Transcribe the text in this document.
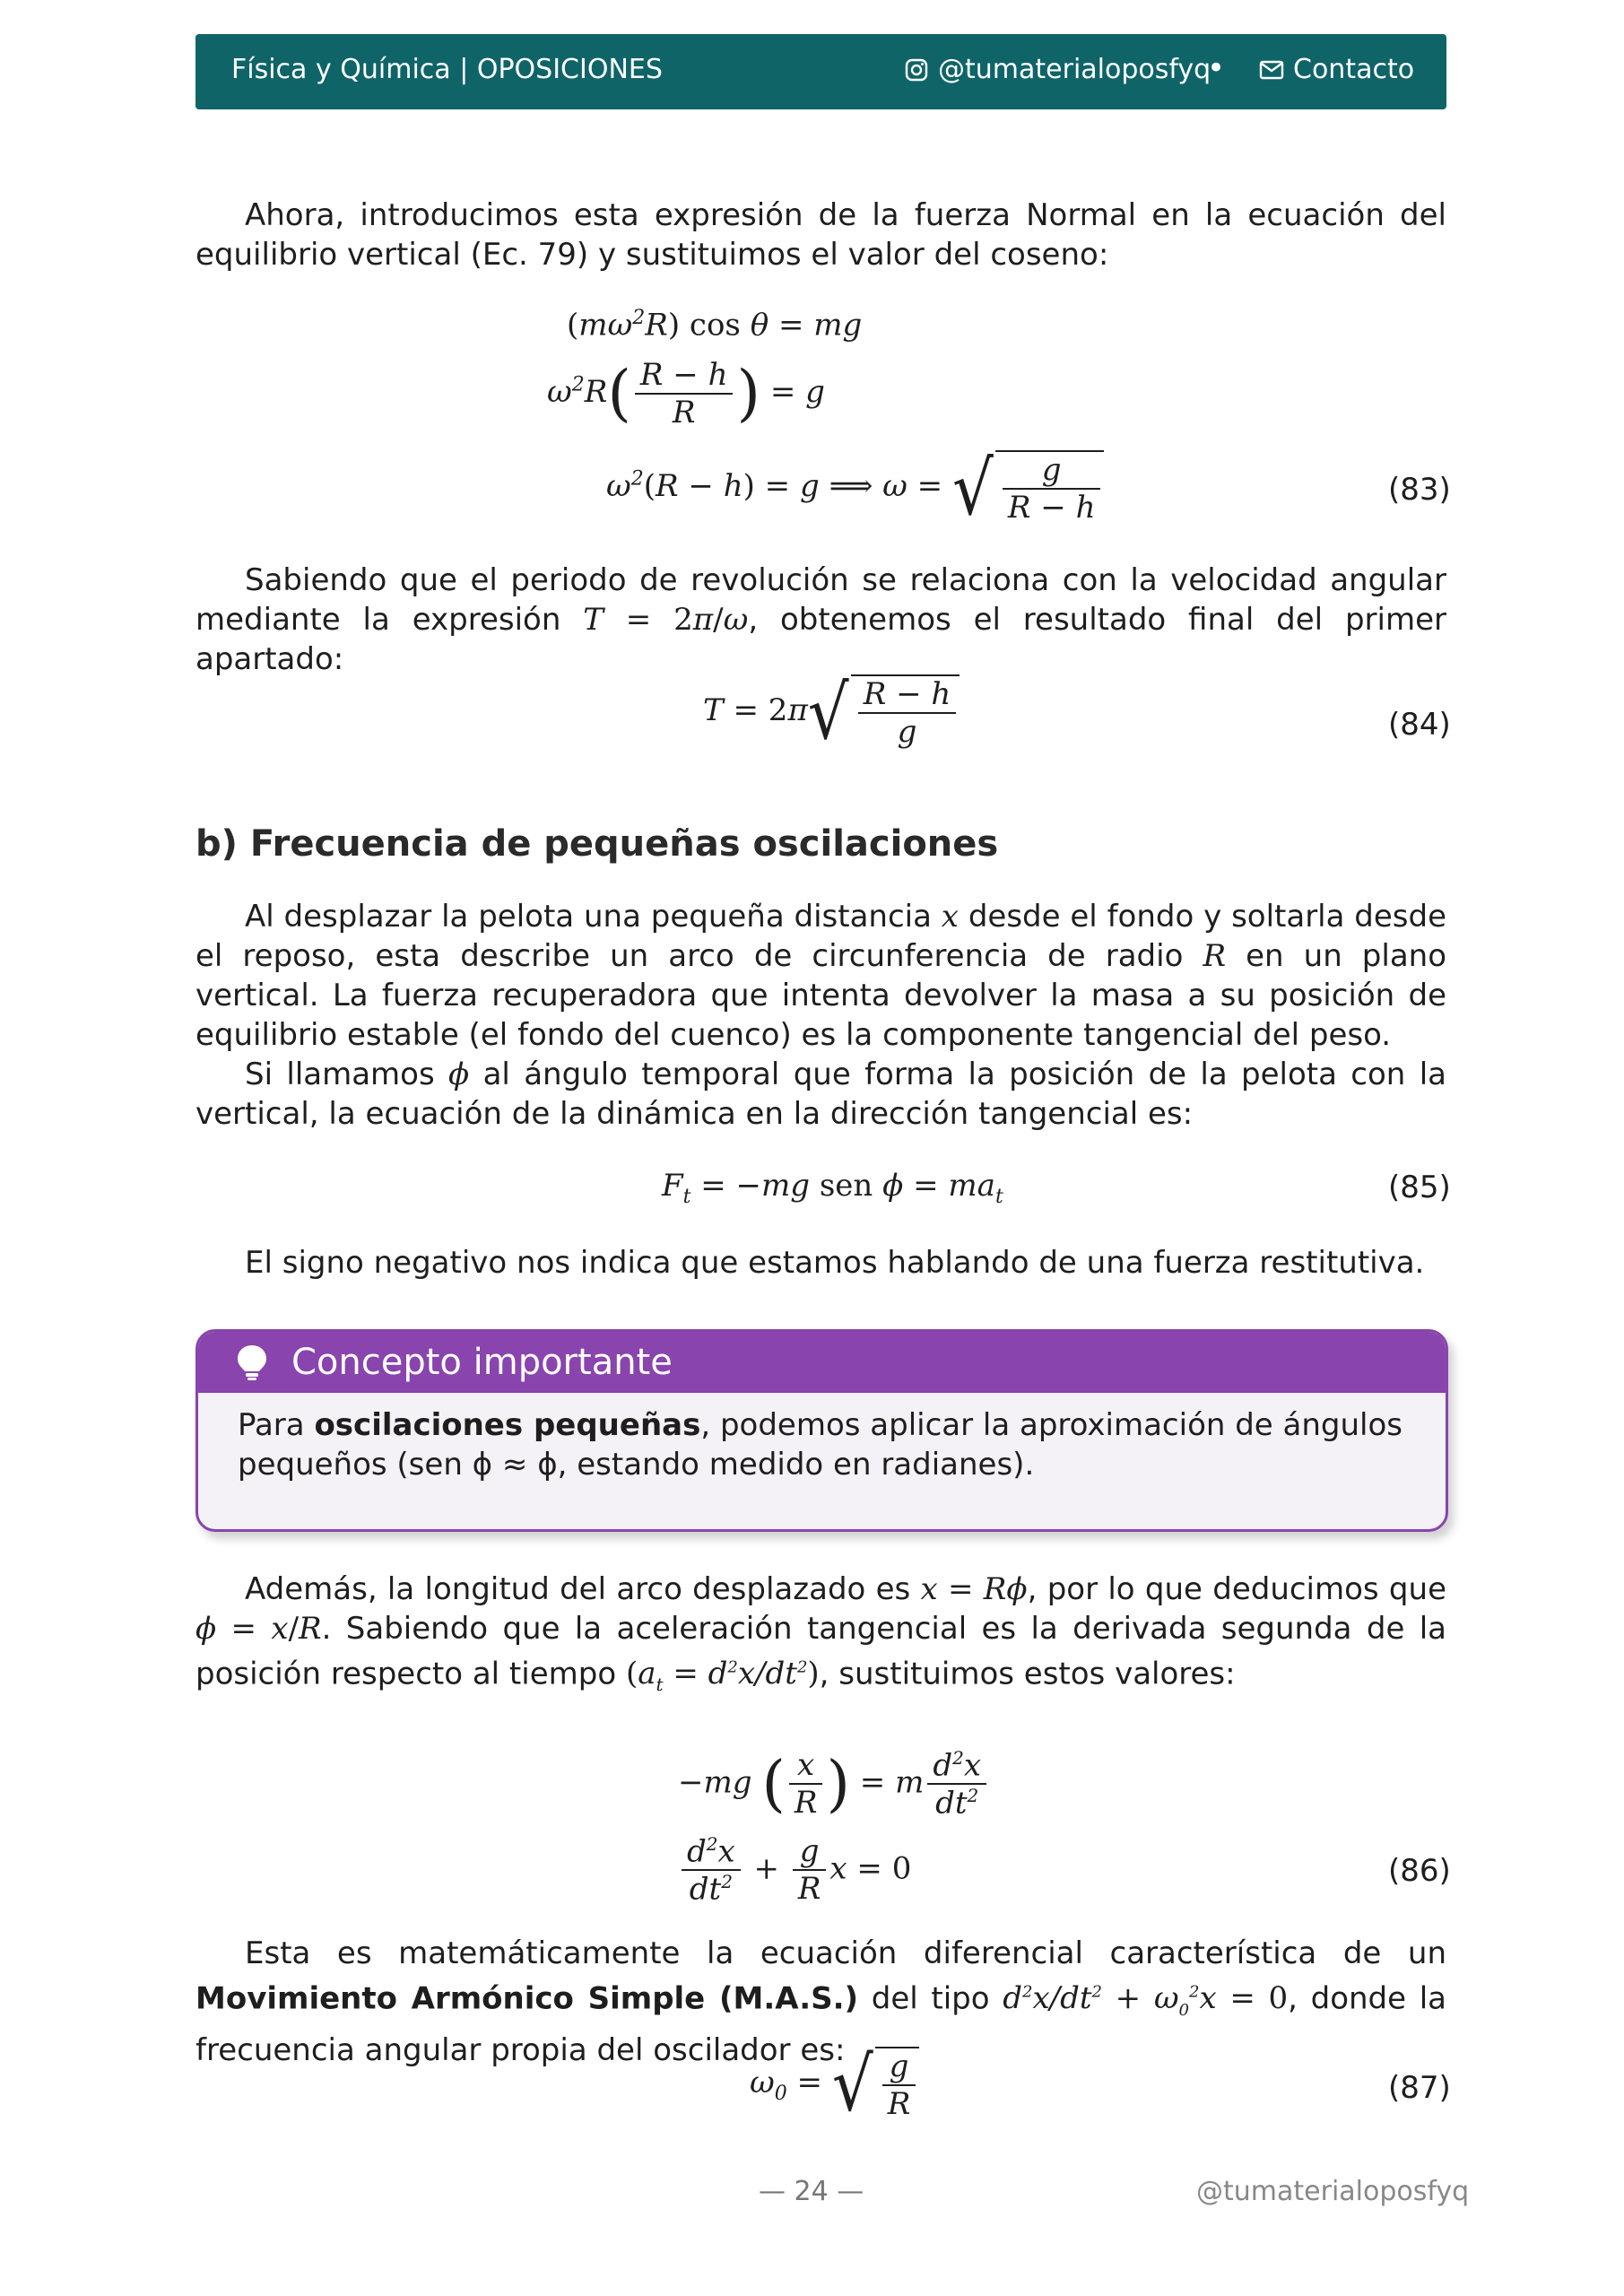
Física y Química | OPOSICIONES	@tumaterialoposfyq
•	Contacto
Ahora, introducimos esta expresión de la fuerza Normal en la ecuación del equilibrio vertical (Ec. 79) y sustituimos el valor del coseno:
$(m\omega^2R)$ cos θ = mg
$\omega^2R( \frac{R - h}{R}$ ) = g
$\omega^2(R - h) = g$ ⟹ ω = √ $\frac{g}{R - h}$	(83)
Sabiendo que el periodo de revolución se relaciona con la velocidad angular mediante la expresión T = 2π/ω, obtenemos el resultado final del primer apartado:
$T = 2\pi√ \frac{R - h}{g}$	(84)
b) Frecuencia de pequeñas oscilaciones
Al desplazar la pelota una pequeña distancia x desde el fondo y soltarla desde el reposo, esta describe un arco de circunferencia de radio R en un plano vertical. La fuerza recuperadora que intenta devolver la masa a su posición de equilibrio estable (el fondo del cuenco) es la componente tangencial del peso.
Si llamamos ϕ al ángulo temporal que forma la posición de la pelota con la vertical, la ecuación de la dinámica en la dirección tangencial es:
$F_t = -mg$ sen $\phi = ma_t$	(85)
El signo negativo nos indica que estamos hablando de una fuerza restitutiva.
Concepto importante
Para oscilaciones pequeñas, podemos aplicar la aproximación de ángulos pequeños (sen ϕ ≈ ϕ, estando medido en radianes).
Además, la longitud del arco desplazado es x = Rϕ, por lo que deducimos que ϕ = x/R. Sabiendo que la aceleración tangencial es la derivada segunda de la posición respecto al tiempo $(a_t = d^2x/dt^2)$, sustituimos estos valores:
−mg ( $\frac{x}{R}$ ) = m $\frac{d^2x}{dt^2}$
$\frac{d^2x}{dt^2} + \frac{g}{R}$ x = 0	(86)
Esta es matemáticamente la ecuación diferencial característica de un Movimiento Armónico Simple (M.A.S.) del tipo $d^2x/dt^2 + \omega_0^2x = 0$, donde la frecuencia angular propia del oscilador es:
$\omega_0$ = √ $\frac{g}{R}$	(87)
— 24 —	@tumaterialoposfyq
